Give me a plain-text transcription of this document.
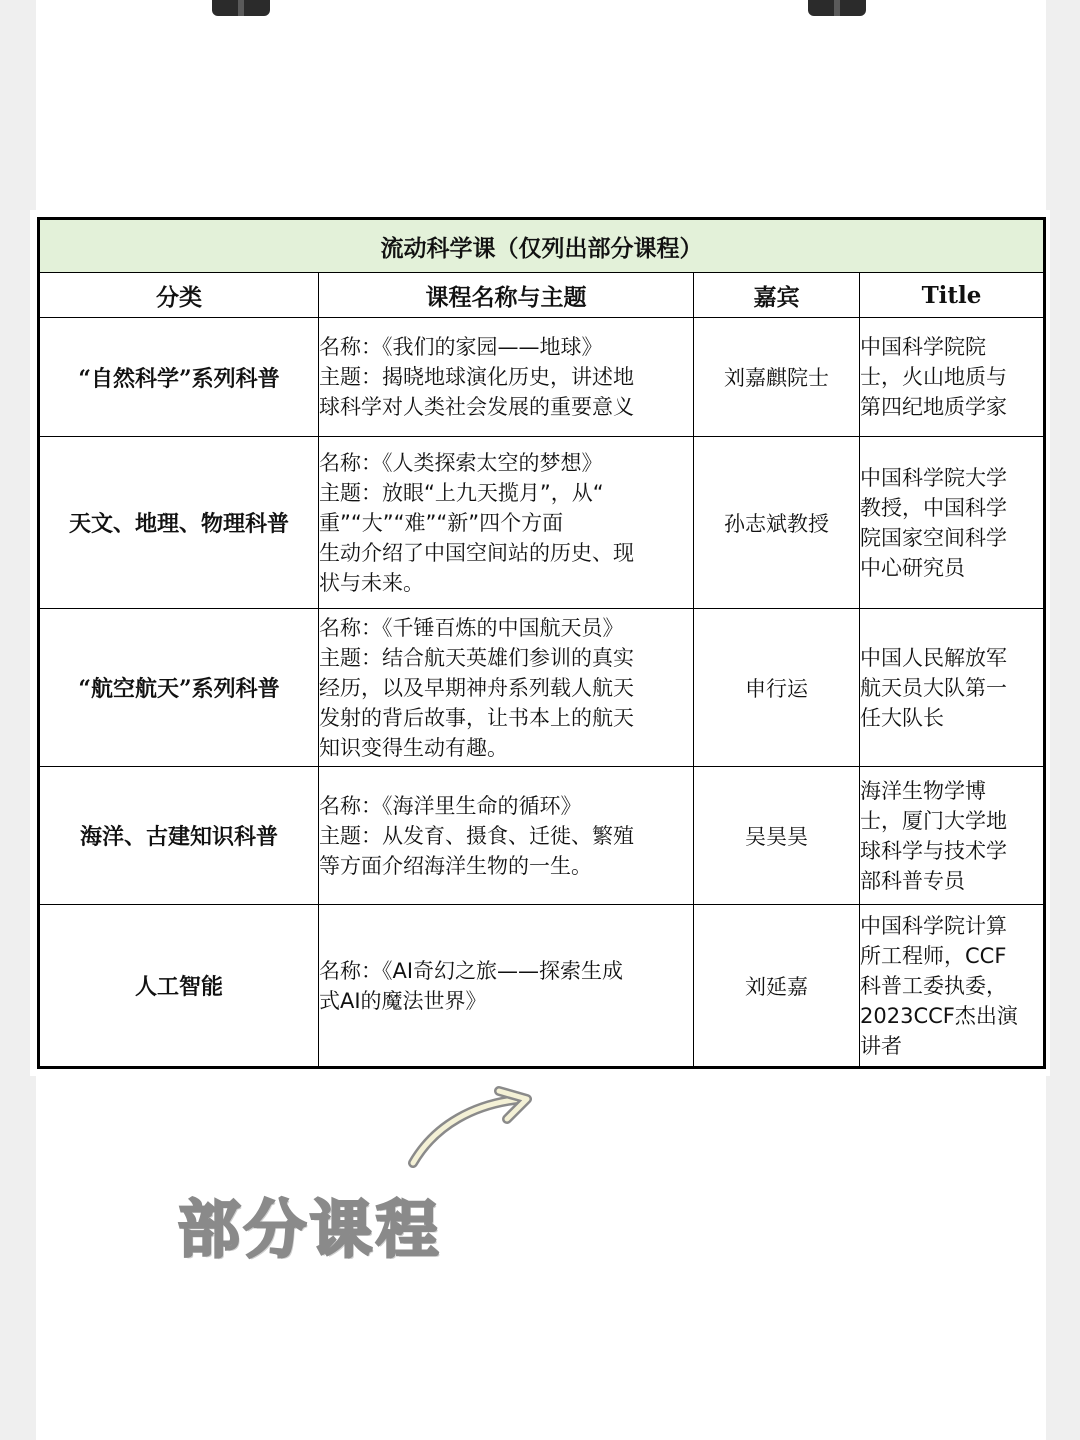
流动科学课（仅列出部分课程）			
分类	课程名称与主题	嘉宾	Title
“自然科学”系列科普	名称：《我们的家园——地球》
主题：揭晓地球演化历史，讲述地
球科学对人类社会发展的重要意义	刘嘉麒院士	中国科学院院
士，火山地质与
第四纪地质学家

天文、地理、物理科普	名称：《人类探索太空的梦想》
主题：放眼“上九天揽月”，从“
重”“大”“难”“新”四个方面
生动介绍了中国空间站的历史、现
状与未来。	孙志斌教授	中国科学院大学
教授，中国科学
院国家空间科学
中心研究员

“航空航天”系列科普	名称：《千锤百炼的中国航天员》
主题：结合航天英雄们参训的真实
经历，以及早期神舟系列载人航天
发射的背后故事，让书本上的航天
知识变得生动有趣。	申行运	中国人民解放军
航天员大队第一
任大队长

海洋、古建知识科普	名称：《海洋里生命的循环》
主题：从发育、摄食、迁徙、繁殖
等方面介绍海洋生物的一生。	吴昊昊	海洋生物学博
士，厦门大学地
球科学与技术学
部科普专员

人工智能	名称：《AI奇幻之旅——探索生成
式AI的魔法世界》	刘延嘉	中国科学院计算
所工程师，CCF
科普工委执委，
2023CCF杰出演
讲者
部分课程
